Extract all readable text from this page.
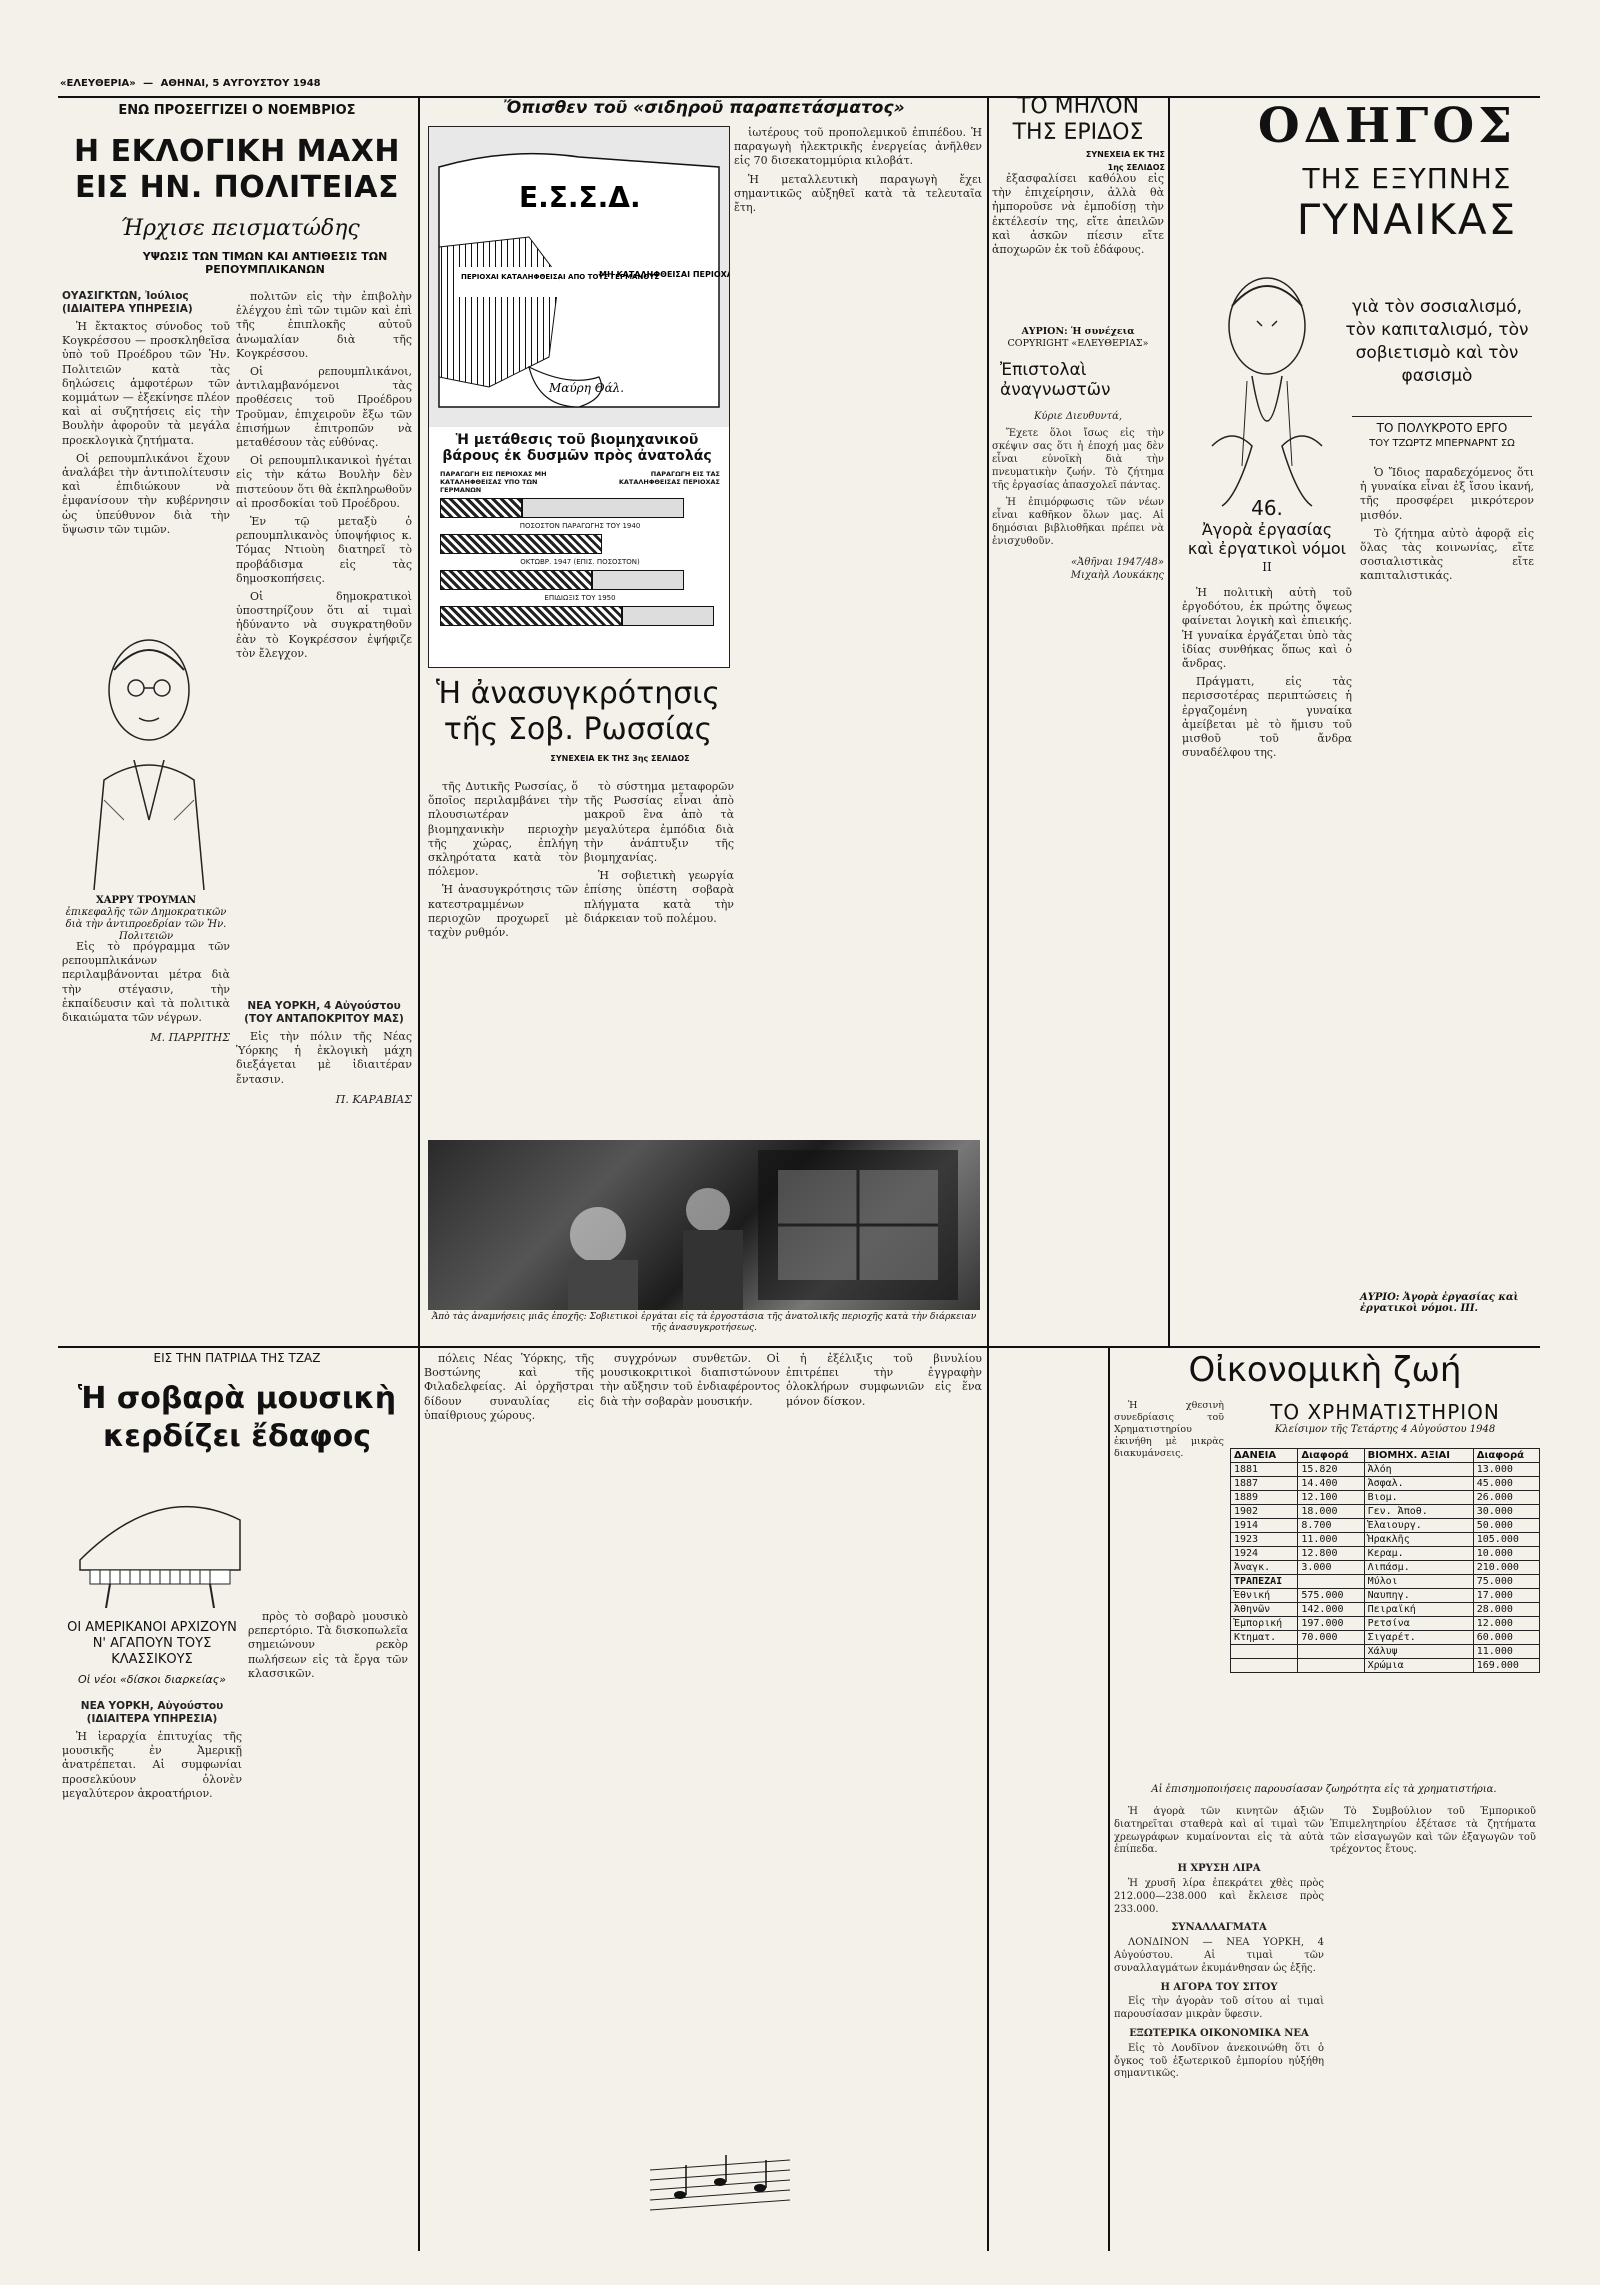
«ΕΛΕΥΘΕΡΙΑ» — ΑΘΗΝΑΙ, 5 ΑΥΓΟΥΣΤΟΥ 1948
ΕΝΩ ΠΡΟΣΕΓΓΙΖΕΙ Ο ΝΟΕΜΒΡΙΟΣ
Η ΕΚΛΟΓΙΚΗ ΜΑΧΗ
ΕΙΣ ΗΝ. ΠΟΛΙΤΕΙΑΣ
Ήρχισε πεισματώδης
ΥΨΩΣΙΣ ΤΩΝ ΤΙΜΩΝ ΚΑΙ ΑΝΤΙΘΕΣΙΣ ΤΩΝ ΡΕΠΟΥΜΠΛΙΚΑΝΩΝ
ΟΥΑΣΙΓΚΤΩΝ, Ἰούλιος (ΙΔΙΑΙΤΕΡΑ ΥΠΗΡΕΣΙΑ)

Ἡ ἔκτακτος σύνοδος τοῦ Κογκρέσσου — προσκληθεῖσα ὑπὸ τοῦ Προέδρου τῶν Ἡν. Πολιτειῶν κατὰ τὰς δηλώσεις ἀμφοτέρων τῶν κομμάτων — ἐξεκίνησε πλέον καὶ αἱ συζητήσεις εἰς τὴν Βουλὴν ἀφοροῦν τὰ μεγάλα προεκλογικὰ ζητήματα.

Οἱ ρεπουμπλικάνοι ἔχουν ἀναλάβει τὴν ἀντιπολίτευσιν καὶ ἐπιδιώκουν νὰ ἐμφανίσουν τὴν κυβέρνησιν ὡς ὑπεύθυνον διὰ τὴν ὕψωσιν τῶν τιμῶν.

πολιτῶν εἰς τὴν ἐπιβολὴν ἐλέγχου ἐπὶ τῶν τιμῶν καὶ ἐπὶ τῆς ἐπιπλοκῆς αὐτοῦ ἀνωμαλίαν διὰ τῆς Κογκρέσσου.

Οἱ ρεπουμπλικάνοι, ἀντιλαμβανόμενοι τὰς προθέσεις τοῦ Προέδρου Τροῦμαν, ἐπιχειροῦν ἔξω τῶν ἐπισήμων ἐπιτροπῶν νὰ μεταθέσουν τὰς εὐθύνας.

Οἱ ρεπουμπλικανικοὶ ἡγέται εἰς τὴν κάτω Βουλὴν δὲν πιστεύουν ὅτι θὰ ἐκπληρωθοῦν αἱ προσδοκίαι τοῦ Προέδρου.

Ἐν τῷ μεταξὺ ὁ ρεπουμπλικανὸς ὑποψήφιος κ. Τόμας Ντιοὺη διατηρεῖ τὸ προβάδισμα εἰς τὰς δημοσκοπήσεις.

Οἱ δημοκρατικοὶ ὑποστηρίζουν ὅτι αἱ τιμαὶ ἠδύναντο νὰ συγκρατηθοῦν ἐὰν τὸ Κογκρέσσον ἐψήφιζε τὸν ἔλεγχον.

ΧΑΡΡΥ ΤΡΟΥΜΑΝ
ἐπικεφαλῆς τῶν Δημοκρατικῶν διὰ τὴν ἀντιπροεδρίαν τῶν Ἡν. Πολιτειῶν

Εἰς τὸ πρόγραμμα τῶν ρεπουμπλικάνων περιλαμβάνονται μέτρα διὰ τὴν στέγασιν, τὴν ἐκπαίδευσιν καὶ τὰ πολιτικὰ δικαιώματα τῶν νέγρων.

Μ. ΠΑΡΡΙΤΗΣ
ΝΕΑ ΥΟΡΚΗ, 4 Αὐγούστου (ΤΟΥ ΑΝΤΑΠΟΚΡΙΤΟΥ ΜΑΣ)

Εἰς τὴν πόλιν τῆς Νέας Ὑόρκης ἡ ἐκλογικὴ μάχη διεξάγεται μὲ ἰδιαιτέραν ἔντασιν.

Π. ΚΑΡΑΒΙΑΣ
Ὄπισθεν τοῦ «σιδηροῦ παραπετάσματος»
Μαύρη Θάλ.
Ε.Σ.Σ.Δ.
ΠΕΡΙΟΧΑΙ ΚΑΤΑΛΗΦΘΕΙΣΑΙ ΑΠΟ ΤΟΥΣ ΓΕΡΜΑΝΟΥΣ
ΜΗ ΚΑΤΑΛΗΦΘΕΙΣΑΙ ΠΕΡΙΟΧΑΙ
Ἡ μετάθεσις τοῦ βιομηχανικοῦ βάρους ἐκ δυσμῶν πρὸς ἀνατολάς
ΠΑΡΑΓΩΓΗ ΕΙΣ ΠΕΡΙΟΧΑΣ ΜΗ ΚΑΤΑΛΗΦΘΕΙΣΑΣ ΥΠΟ ΤΩΝ ΓΕΡΜΑΝΩΝ
ΠΑΡΑΓΩΓΗ ΕΙΣ ΤΑΣ ΚΑΤΑΛΗΦΘΕΙΣΑΣ ΠΕΡΙΟΧΑΣ
ΠΟΣΟΣΤΟΝ ΠΑΡΑΓΩΓΗΣ ΤΟΥ 1940
ΟΚΤΩΒΡ. 1947 (ΕΠΙΣ. ΠΟΣΟΣΤΟΝ)
ΕΠΙΔΙΩΞΙΣ ΤΟΥ 1950

ἰωτέρους τοῦ προπολεμικοῦ ἐπιπέδου. Ἡ παραγωγὴ ἠλεκτρικῆς ἐνεργείας ἀνῆλθεν εἰς 70 δισεκατομμύρια κιλοβάτ.

Ἡ μεταλλευτικὴ παραγωγὴ ἔχει σημαντικῶς αὐξηθεῖ κατὰ τὰ τελευταῖα ἔτη.

Ἡ ἀνασυγκρότησις
τῆς Σοβ. Ρωσσίας
ΣΥΝΕΧΕΙΑ ΕΚ ΤΗΣ 3ης ΣΕΛΙΔΟΣ

τῆς Δυτικῆς Ρωσσίας, ὅ ὅποῖος περιλαμβάνει τὴν πλουσιωτέραν βιομηχανικὴν περιοχὴν τῆς χώρας, ἐπλήγη σκληρότατα κατὰ τὸν πόλεμον.

Ἡ ἀνασυγκρότησις τῶν κατεστραμμένων περιοχῶν προχωρεῖ μὲ ταχὺν ρυθμόν.

τὸ σύστημα μεταφορῶν τῆς Ρωσσίας εἶναι ἀπὸ μακροῦ ἓνα ἀπὸ τὰ μεγαλύτερα ἐμπόδια διὰ τὴν ἀνάπτυξιν τῆς βιομηχανίας.

Ἡ σοβιετικὴ γεωργία ἐπίσης ὑπέστη σοβαρὰ πλήγματα κατὰ τὴν διάρκειαν τοῦ πολέμου.

Ἀπὸ τὰς ἀναμνήσεις μιᾶς ἐποχῆς: Σοβιετικοὶ ἐργάται εἰς τὰ ἐργοστάσια τῆς ἀνατολικῆς περιοχῆς κατὰ τὴν διάρκειαν τῆς ἀνασυγκροτήσεως.
ΤΟ ΜΗΛΟΝ
ΤΗΣ ΕΡΙΔΟΣ
ΣΥΝΕΧΕΙΑ ΕΚ ΤΗΣ 1ης ΣΕΛΙΔΟΣ

ἐξασφαλίσει καθόλου εἰς τὴν ἐπιχείρησιν, ἀλλὰ θὰ ἠμποροῦσε νὰ ἐμποδίσῃ τὴν ἐκτέλεσίν της, εἴτε ἀπειλῶν καὶ ἀσκῶν πίεσιν εἴτε ἀποχωρῶν ἐκ τοῦ ἐδάφους.

ΑΥΡΙΟΝ: Ἡ συνέχεια
COPYRIGHT «ΕΛΕΥΘΕΡΙΑΣ»
Ἐπιστολαὶ
ἀναγνωστῶν
Κύριε Διευθυντά,

Ἔχετε ὅλοι ἴσως εἰς τὴν σκέψιν σας ὅτι ἡ ἐποχή μας δὲν εἶναι εὐνοϊκὴ διὰ τὴν πνευματικὴν ζωήν. Τὸ ζήτημα τῆς ἐργασίας ἀπασχολεῖ πάντας.

Ἡ ἐπιμόρφωσις τῶν νέων εἶναι καθῆκον ὅλων μας. Αἱ δημόσιαι βιβλιοθῆκαι πρέπει νὰ ἐνισχυθοῦν.

«Ἀθῆναι 1947/48»
Μιχαὴλ Λουκάκης
ΟΔΗΓΟΣ
ΤΗΣ ΕΞΥΠΝΗΣ
ΓΥΝΑΙΚΑΣ
γιὰ τὸν σοσιαλισμό, τὸν καπιταλισμό, τὸν σοβιετισμὸ καὶ τὸν φασισμὸ
ΤΟ ΠΟΛΥΚΡΟΤΟ ΕΡΓΟ
ΤΟΥ ΤΖΩΡΤΖ ΜΠΕΡΝΑΡΝΤ ΣΩ
46.
Ἀγορὰ ἐργασίας
καὶ ἐργατικοὶ νόμοι
ΙΙ

Ἡ πολιτικὴ αὐτὴ τοῦ ἐργοδότου, ἐκ πρώτης ὄψεως φαίνεται λογικὴ καὶ ἐπιεικής. Ἡ γυναίκα ἐργάζεται ὑπὸ τὰς ἰδίας συνθήκας ὅπως καὶ ὁ ἄνδρας.

Πράγματι, εἰς τὰς περισσοτέρας περιπτώσεις ἡ ἐργαζομένη γυναίκα ἀμείβεται μὲ τὸ ἥμισυ τοῦ μισθοῦ τοῦ ἄνδρα συναδέλφου της.

Ὁ Ἴδιος παραδεχόμενος ὅτι ἡ γυναίκα εἶναι ἐξ ἴσου ἱκανή, τῆς προσφέρει μικρότερον μισθόν.

Τὸ ζήτημα αὐτὸ ἀφορᾷ εἰς ὅλας τὰς κοινωνίας, εἴτε σοσιαλιστικὰς εἴτε καπιταλιστικάς.

ΑΥΡΙΟ: Ἀγορὰ ἐργασίας καὶ ἐργατικοὶ νόμοι. III.
Οἰκονομικὴ ζωή
ΤΟ ΧΡΗΜΑΤΙΣΤΗΡΙΟΝ
Κλείσιμον τῆς Τετάρτης 4 Αὐγούστου 1948

Ἡ χθεσινὴ συνεδρίασις τοῦ Χρηματιστηρίου ἐκινήθη μὲ μικρὰς διακυμάνσεις.	ΔΑΝΕΙΑ	Διαφορά	ΒΙΟΜΗΧ. ΑΞΙΑΙ	Διαφορά
1881	15.820	Ἀλόη	13.000
1887	14.400	Ἀσφαλ.	45.000
1889	12.100	Βιομ.	26.000
1902	18.000	Γεν. Ἀποθ.	30.000
1914	8.700	Ἐλαιουργ.	50.000
1923	11.000	Ἡρακλῆς	105.000
1924	12.800	Κεραμ.	10.000
Ἀναγκ.	3.000	Λιπάσμ.	210.000
ΤΡΑΠΕΖΑΙ		Μύλοι	75.000
Ἐθνική	575.000	Ναυπηγ.	17.000
Ἀθηνῶν	142.000	Πειραϊκή	28.000
Ἐμπορική	197.000	Ρετσίνα	12.000
Κτηματ.	70.000	Σιγαρέτ.	60.000
		Χάλυψ	11.000
		Χρώμια	169.000
Αἱ ἐπισημοποιήσεις παρουσίασαν ζωηρότητα εἰς τὰ χρηματιστήρια.

Ἡ ἀγορὰ τῶν κινητῶν ἀξιῶν διατηρεῖται σταθερὰ καὶ αἱ τιμαὶ τῶν χρεωγράφων κυμαίνονται εἰς τὰ αὐτὰ ἐπίπεδα.

Η ΧΡΥΣΗ ΛΙΡΑ

Ἡ χρυσῆ λίρα ἐπεκράτει χθὲς πρὸς 212.000—238.000 καὶ ἔκλεισε πρὸς 233.000.

ΣΥΝΑΛΛΑΓΜΑΤΑ

ΛΟΝΔΙΝΟΝ — ΝΕΑ ΥΟΡΚΗ, 4 Αὐγούστου. Αἱ τιμαὶ τῶν συναλλαγμάτων ἐκυμάνθησαν ὡς ἑξῆς.

Η ΑΓΟΡΑ ΤΟΥ ΣΙΤΟΥ

Εἰς τὴν ἀγορὰν τοῦ σίτου αἱ τιμαὶ παρουσίασαν μικρὰν ὕφεσιν.

ΕΞΩΤΕΡΙΚΑ ΟΙΚΟΝΟΜΙΚΑ ΝΕΑ

Εἰς τὸ Λονδῖνον ἀνεκοινώθη ὅτι ὁ ὄγκος τοῦ ἐξωτερικοῦ ἐμπορίου ηὐξήθη σημαντικῶς.

Τὸ Συμβούλιον τοῦ Ἐμπορικοῦ Ἐπιμελητηρίου ἐξέτασε τὰ ζητήματα τῶν εἰσαγωγῶν καὶ τῶν ἐξαγωγῶν τοῦ τρέχοντος ἔτους.

ΕΙΣ ΤΗΝ ΠΑΤΡΙΔΑ ΤΗΣ ΤΖΑΖ
Ἡ σοβαρὰ μουσικὴ
κερδίζει ἔδαφος
ΟΙ ΑΜΕΡΙΚΑΝΟΙ ΑΡΧΙΖΟΥΝ Ν' ΑΓΑΠΟΥΝ ΤΟΥΣ ΚΛΑΣΣΙΚΟΥΣ
Οἱ νέοι «δίσκοι διαρκείας»
ΝΕΑ ΥΟΡΚΗ, Αὐγούστου (ΙΔΙΑΙΤΕΡΑ ΥΠΗΡΕΣΙΑ)

Ἡ ἱεραρχία ἐπιτυχίας τῆς μουσικῆς ἐν Ἀμερικῇ ἀνατρέπεται. Αἱ συμφωνίαι προσελκύουν ὁλονὲν μεγαλύτερον ἀκροατήριον.

πρὸς τὸ σοβαρὸ μουσικὸ ρεπερτόριο. Τὰ δισκοπωλεῖα σημειώνουν ρεκὸρ πωλήσεων εἰς τὰ ἔργα τῶν κλασσικῶν.

πόλεις Νέας Ὑόρκης, τῆς Βοστώνης καὶ τῆς Φιλαδελφείας. Αἱ ὀρχῆστραι δίδουν συναυλίας εἰς ὑπαίθριους χώρους.

συγχρόνων συνθετῶν. Οἱ μουσικοκριτικοὶ διαπιστώνουν τὴν αὔξησιν τοῦ ἐνδιαφέροντος διὰ τὴν σοβαρὰν μουσικήν.

ἡ ἐξέλιξις τοῦ βινυλίου ἐπιτρέπει τὴν ἐγγραφὴν ὁλοκλήρων συμφωνιῶν εἰς ἕνα μόνον δίσκον.
